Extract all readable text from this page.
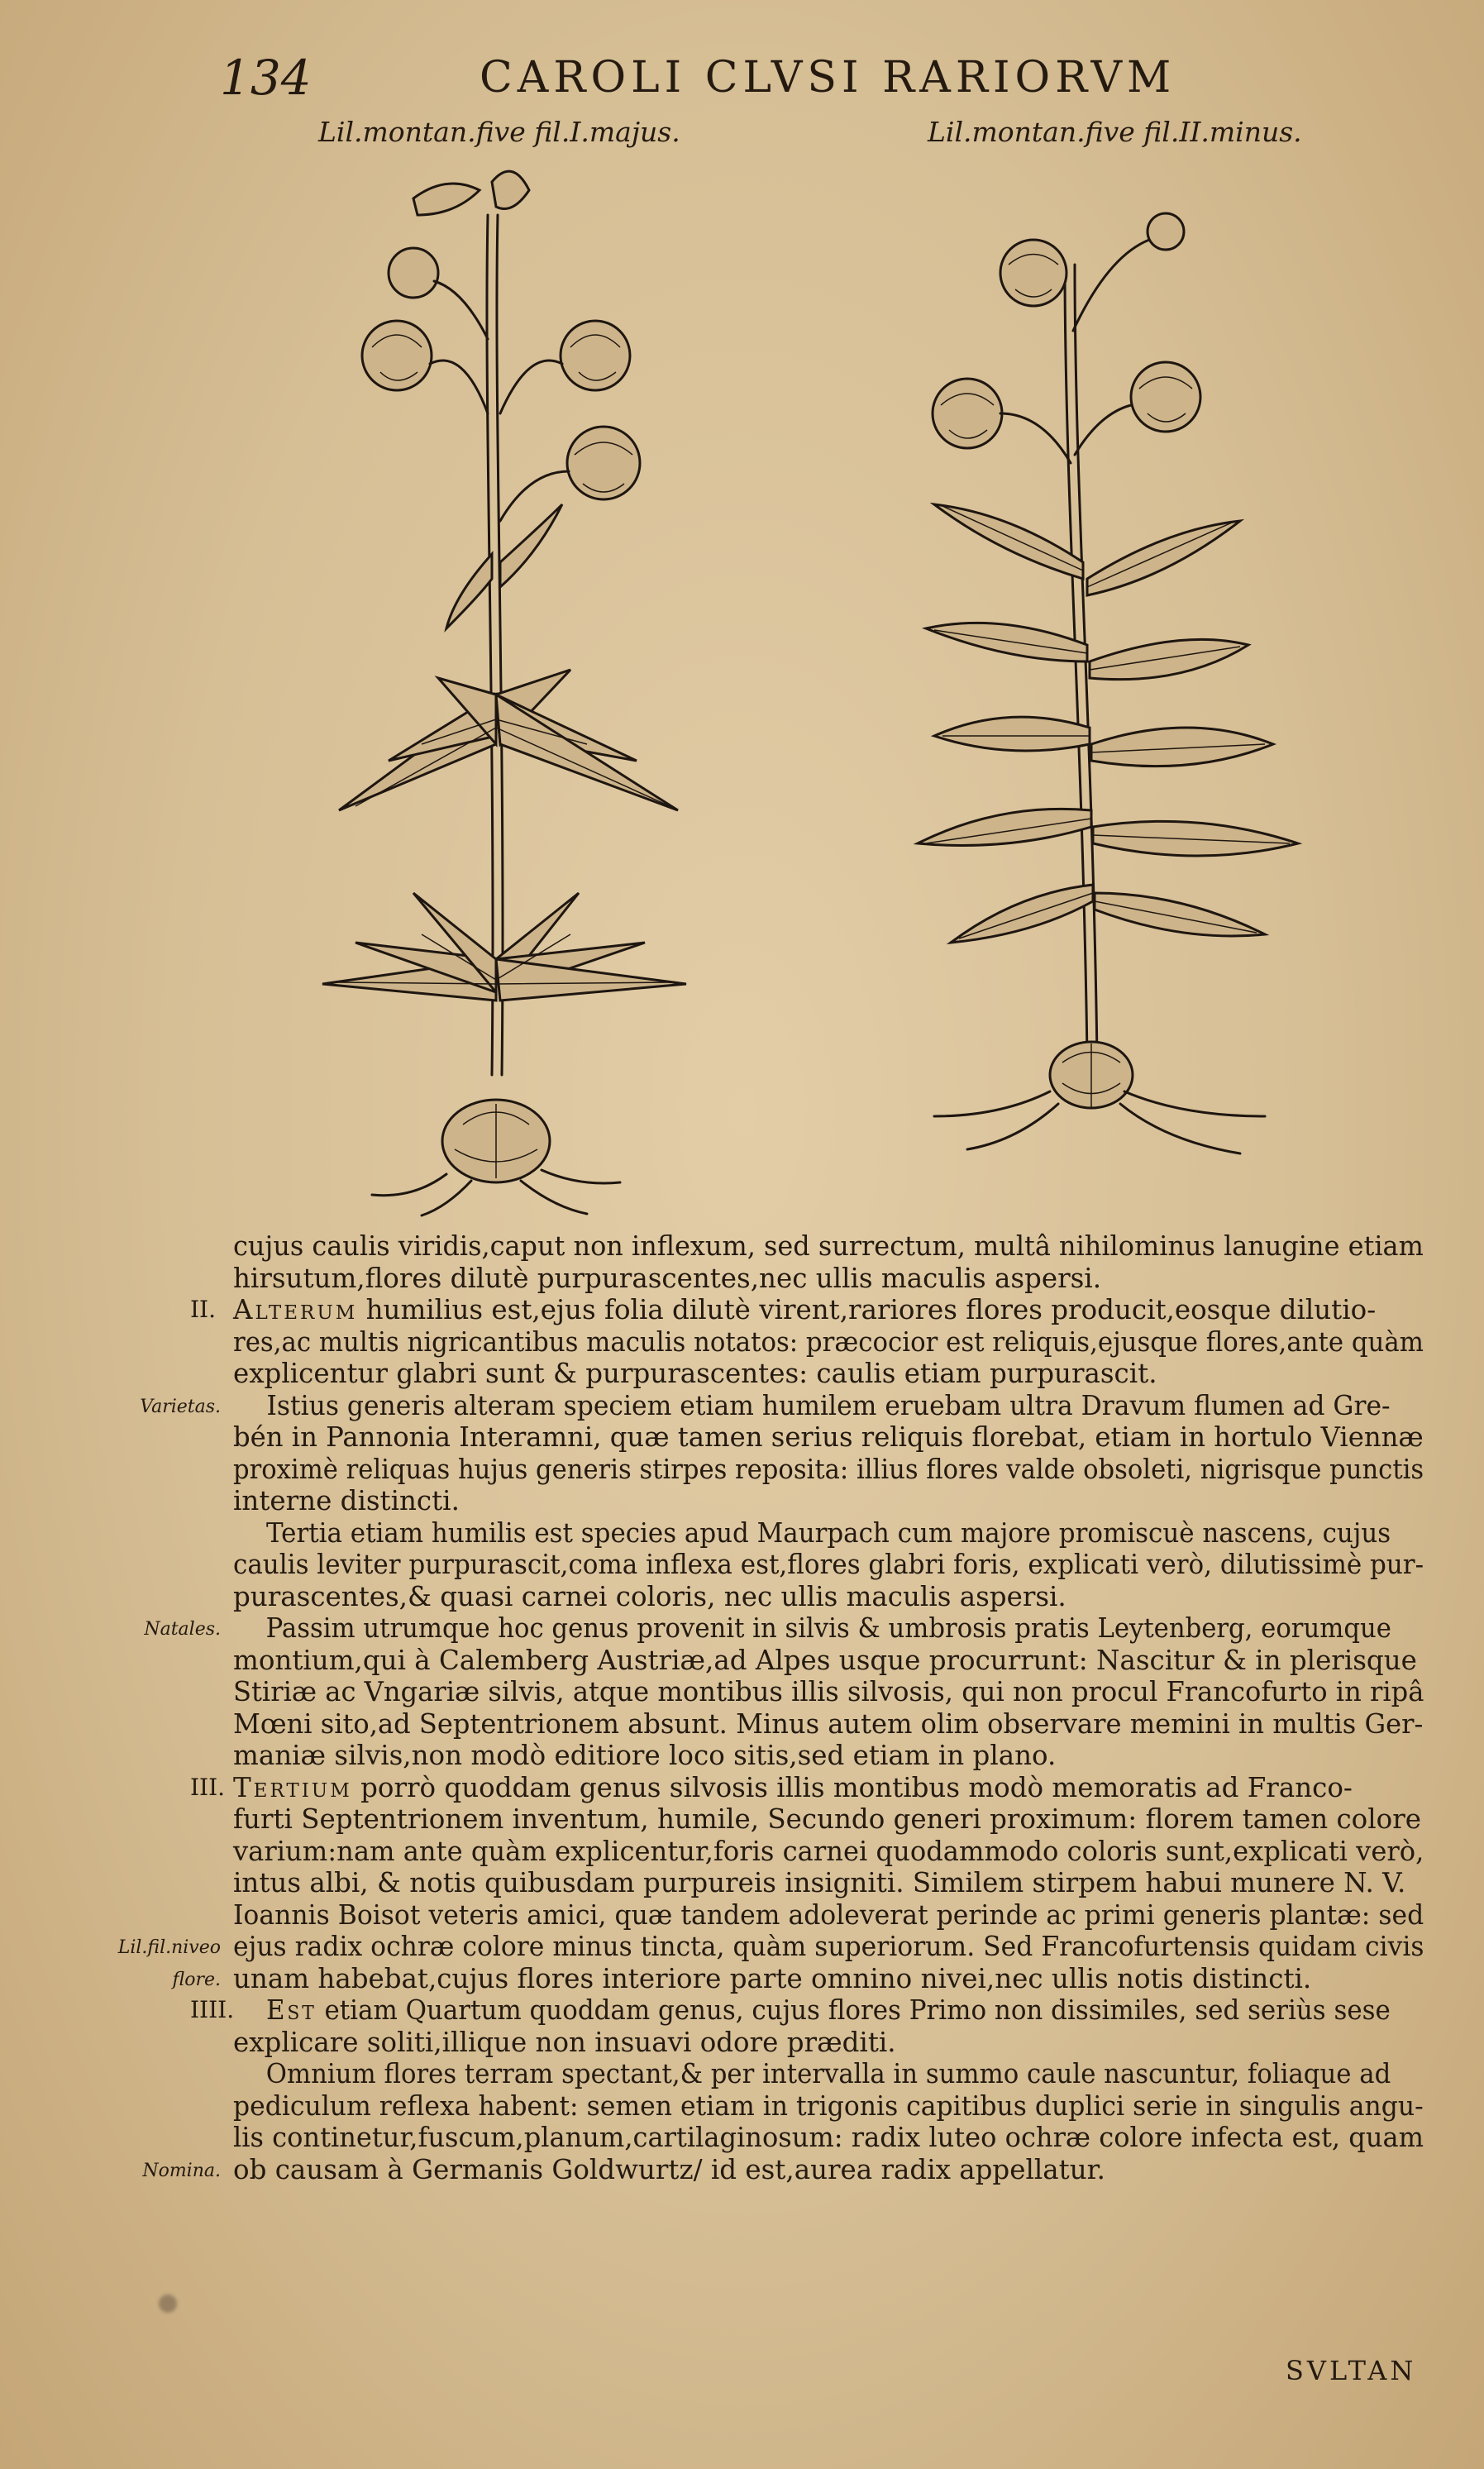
134	CAROLI CLVSI RARIORVM
Lil.montan.five fil.I.majus.	Lil.montan.five fil.II.minus.
cujus caulis viridis,caput non inflexum, sed surrectum, multâ nihilominus lanugine etiam
hirsutum,flores dilutè purpurascentes,nec ullis maculis aspersi.
II. Alterum humilius est,ejus folia dilutè virent,rariores flores producit,eosque dilutio-
res,ac multis nigricantibus maculis notatos: præcocior est reliquis,ejusque flores,ante quàm
explicentur glabri sunt & purpurascentes: caulis etiam purpurascit.
Varietas. Istius generis alteram speciem etiam humilem eruebam ultra Dravum flumen ad Gre-
bén in Pannonia Interamni, quæ tamen serius reliquis florebat, etiam in hortulo Viennæ
proximè reliquas hujus generis stirpes reposita: illius flores valde obsoleti, nigrisque punctis
interne distincti.
Tertia etiam humilis est species apud Maurpach cum majore promiscuè nascens, cujus
caulis leviter purpurascit,coma inflexa est,flores glabri foris, explicati verò, dilutissimè pur-
purascentes,& quasi carnei coloris, nec ullis maculis aspersi.
Natales. Passim utrumque hoc genus provenit in silvis & umbrosis pratis Leytenberg, eorumque
montium,qui à Calemberg Austriæ,ad Alpes usque procurrunt: Nascitur & in plerisque
Stiriæ ac Vngariæ silvis, atque montibus illis silvosis, qui non procul Francofurto in ripâ
Mœni sito,ad Septentrionem absunt. Minus autem olim observare memini in multis Ger-
maniæ silvis,non modò editiore loco sitis,sed etiam in plano.
III. Tertium porrò quoddam genus silvosis illis montibus modò memoratis ad Franco-
furti Septentrionem inventum, humile, Secundo generi proximum: florem tamen colore
varium:nam ante quàm explicentur,foris carnei quodammodo coloris sunt,explicati verò,
intus albi, & notis quibusdam purpureis insigniti. Similem stirpem habui munere N. V.
Ioannis Boisot veteris amici, quæ tandem adoleverat perinde ac primi generis plantæ: sed
Lil.fil.niveo ejus radix ochræ colore minus tincta, quàm superiorum. Sed Francofurtensis quidam civis
flore. unam habebat,cujus flores interiore parte omnino nivei,nec ullis notis distincti.
IIII. Est etiam Quartum quoddam genus, cujus flores Primo non dissimiles, sed seriùs sese
explicare soliti,illique non insuavi odore præditi.
Omnium flores terram spectant,& per intervalla in summo caule nascuntur, foliaque ad
pediculum reflexa habent: semen etiam in trigonis capitibus duplici serie in singulis angu-
lis continetur,fuscum,planum,cartilaginosum: radix luteo ochræ colore infecta est, quam
Nomina. ob causam à Germanis Goldwurtz/ id est,aurea radix appellatur.
SVLTAN
